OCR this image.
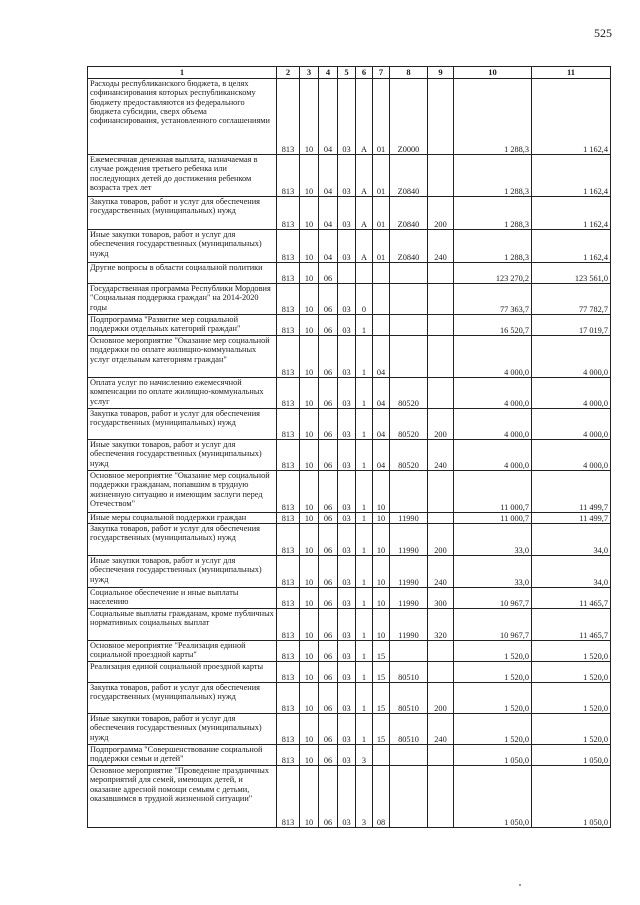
525
1	2	3	4	5	6	7	8	9	10	11
Расходы республиканского бюджета, в целях софинансирования которых республиканскому бюджету предоставляются из федерального бюджета субсидии, сверх объема софинансирования, установленного соглашениями	813	10	04	03	А	01	Z0000		1 288,3	1 162,4
Ежемесячная денежная выплата, назначаемая в случае рождения третьего ребенка или последующих детей до достижения ребенком возраста трех лет	813	10	04	03	А	01	Z0840		1 288,3	1 162,4
Закупка товаров, работ и услуг для обеспечения государственных (муниципальных) нужд	813	10	04	03	А	01	Z0840	200	1 288,3	1 162,4
Иные закупки товаров, работ и услуг для обеспечения государственных (муниципальных) нужд	813	10	04	03	А	01	Z0840	240	1 288,3	1 162,4
Другие вопросы в области социальной политики	813	10	06						123 270,2	123 561,0
Государственная программа Республики Мордовия "Социальная поддержка граждан" на 2014-2020 годы	813	10	06	03	0				77 363,7	77 782,7
Подпрограмма "Развитие мер социальной поддержки отдельных категорий граждан"	813	10	06	03	1				16 520,7	17 019,7
Основное мероприятие "Оказание мер социальной поддержки по оплате жилищно-коммунальных услуг отдельным категориям граждан"	813	10	06	03	1	04			4 000,0	4 000,0
Оплата услуг по начислению ежемесячной компенсации по оплате жилищно-коммунальных услуг	813	10	06	03	1	04	80520		4 000,0	4 000,0
Закупка товаров, работ и услуг для обеспечения государственных (муниципальных) нужд	813	10	06	03	1	04	80520	200	4 000,0	4 000,0
Иные закупки товаров, работ и услуг для обеспечения государственных (муниципальных) нужд	813	10	06	03	1	04	80520	240	4 000,0	4 000,0
Основное мероприятие "Оказание мер социальной поддержки гражданам, попавшим в трудную жизненную ситуацию и имеющим заслуги перед Отечеством"	813	10	06	03	1	10			11 000,7	11 499,7
Иные меры социальной поддержки граждан	813	10	06	03	1	10	11990		11 000,7	11 499,7
Закупка товаров, работ и услуг для обеспечения государственных (муниципальных) нужд	813	10	06	03	1	10	11990	200	33,0	34,0
Иные закупки товаров, работ и услуг для обеспечения государственных (муниципальных) нужд	813	10	06	03	1	10	11990	240	33,0	34,0
Социальное обеспечение и иные выплаты населению	813	10	06	03	1	10	11990	300	10 967,7	11 465,7
Социальные выплаты гражданам, кроме публичных нормативных социальных выплат	813	10	06	03	1	10	11990	320	10 967,7	11 465,7
Основное мероприятие "Реализация единой социальной проездной карты"	813	10	06	03	1	15			1 520,0	1 520,0
Реализация единой социальной проездной карты	813	10	06	03	1	15	80510		1 520,0	1 520,0
Закупка товаров, работ и услуг для обеспечения государственных (муниципальных) нужд	813	10	06	03	1	15	80510	200	1 520,0	1 520,0
Иные закупки товаров, работ и услуг для обеспечения государственных (муниципальных) нужд	813	10	06	03	1	15	80510	240	1 520,0	1 520,0
Подпрограмма "Совершенствование социальной поддержки семьи и детей"	813	10	06	03	3				1 050,0	1 050,0
Основное мероприятие "Проведение праздничных мероприятий для семей, имеющих детей, и оказание адресной помощи семьям с детьми, оказавшимся в трудной жизненной ситуации"	813	10	06	03	3	08			1 050,0	1 050,0
